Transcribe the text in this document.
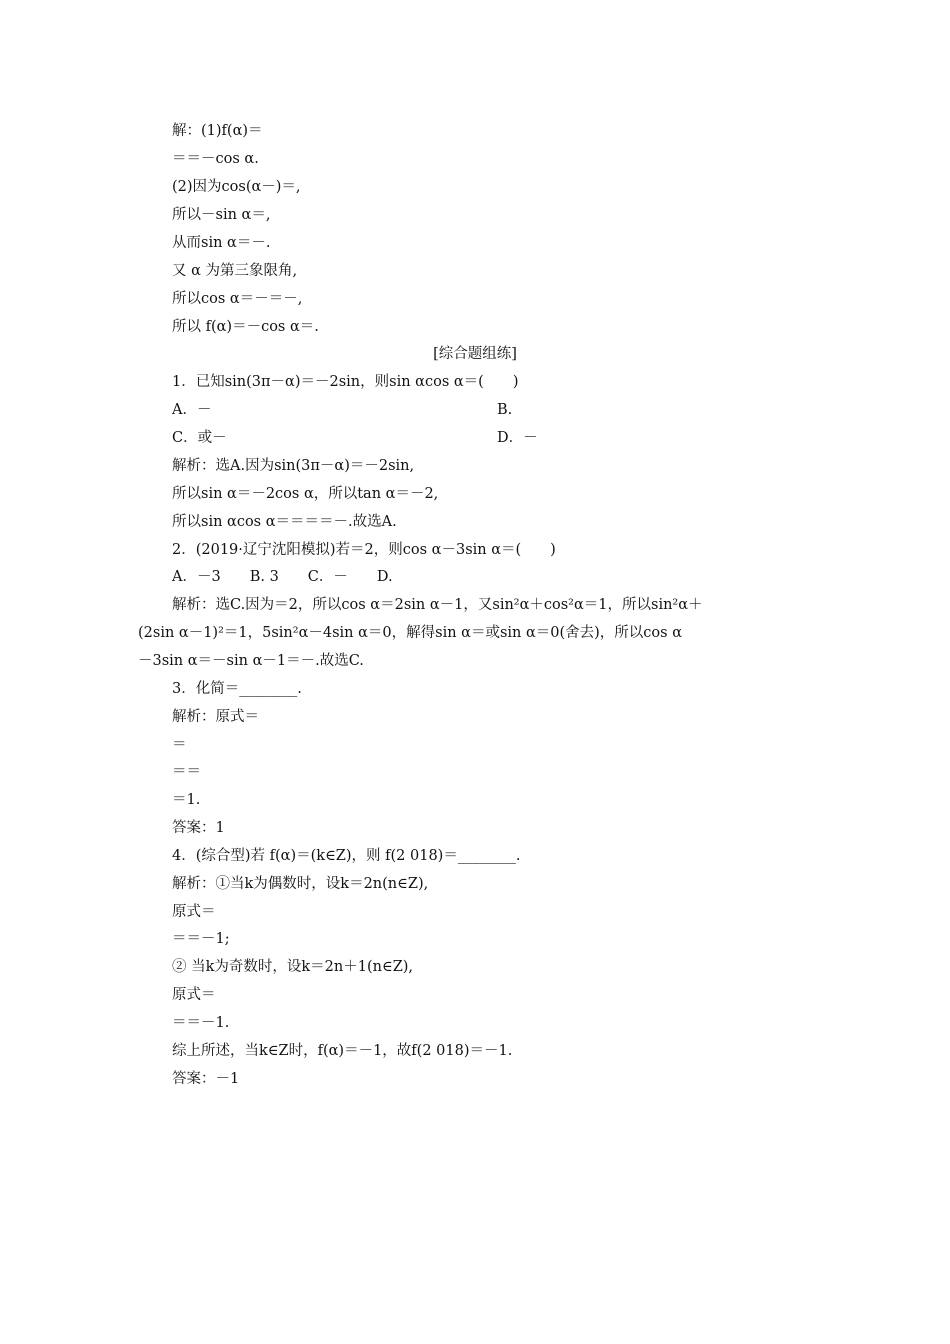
解：(1)f(α)＝
＝＝－cos α.
(2)因为cos(α－)＝,
所以－sin α＝,
从而sin α＝－.
又 α 为第三象限角,
所以cos α＝－＝－,
所以 f(α)＝－cos α＝.
[综合题组练]
1．已知sin(3π－α)＝－2sin，则sin αcos α＝(　　)
A．－	B.
C．或－	D．－
解析：选A.因为sin(3π－α)＝－2sin,
所以sin α＝－2cos α，所以tan α＝－2,
所以sin αcos α＝＝＝＝－.故选A.
2．(2019·辽宁沈阳模拟)若＝2，则cos α－3sin α＝(　　)
A．－3　　B. 3　　C．－　　D.
解析：选C.因为＝2，所以cos α＝2sin α－1，又sin²α＋cos²α＝1，所以sin²α＋
(2sin α－1)²＝1，5sin²α－4sin α＝0，解得sin α＝或sin α＝0(舍去)，所以cos α
－3sin α＝－sin α－1＝－.故选C.
3．化简＝________.
解析：原式＝
＝
＝＝
＝1.
答案：1
4．(综合型)若 f(α)＝(k∈Z)，则 f(2 018)＝________.
解析：①当k为偶数时，设k＝2n(n∈Z),
原式＝
＝＝－1;
② 当k为奇数时，设k＝2n＋1(n∈Z),
原式＝
＝＝－1.
综上所述，当k∈Z时，f(α)＝－1，故f(2 018)＝－1.
答案：－1
